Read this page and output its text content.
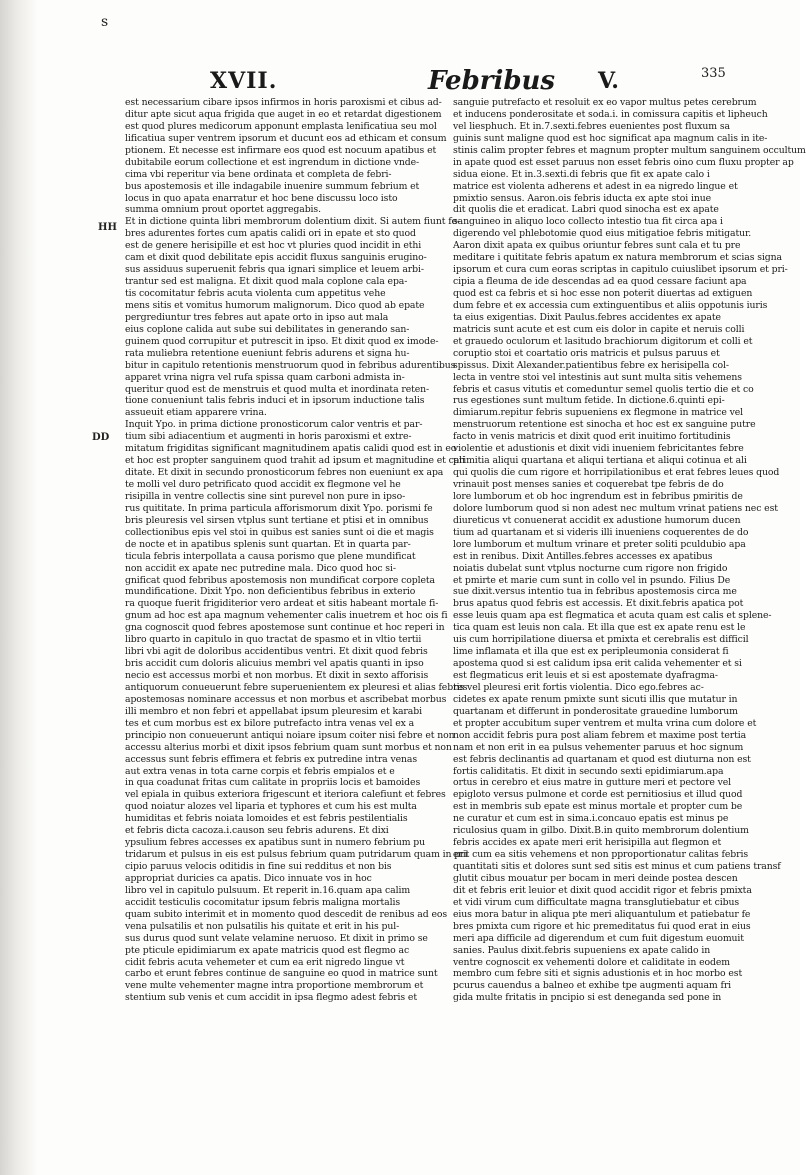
s
XVII.	Febribus V.	335
HH
DD
est necessarium cibare ipsos infirmos in horis paroxismi et cibus ad-
ditur apte sicut aqua frigida que auget in eo et retardat digestionem
est quod plures medicorum apponunt emplasta lenificatiua seu mol
lificatiua super ventrem ipsorum et ducunt eos ad ethicam et consum
ptionem. Et necesse est infirmare eos quod est nocuum apatibus et
dubitabile eorum collectione et est ingrendum in dictione vnde-
cima vbi reperitur via bene ordinata et completa de febri-
bus apostemosis et ille indagabile inuenire summum febrium et
locus in quo apata enarratur et hoc bene discussu loco isto
summa omnium prout oportet aggregabis.
Et in dictione quinta libri membrorum dolentium dixit. Si autem fiunt fe-
bres adurentes fortes cum apatis calidi ori in epate et sto quod
est de genere herisipille et est hoc vt pluries quod incidit in ethi
cam et dixit quod debilitate epis accidit fluxus sanguinis erugino-
sus assiduus superuenit febris qua ignari simplice et leuem arbi-
trantur sed est maligna. Et dixit quod mala coplone cala epa-
tis cocomitatur febris acuta violenta cum appetitus vehe
mens sitis et vomitus humorum malignorum. Dico quod ab epate
pergrediuntur tres febres aut apate orto in ipso aut mala
eius coplone calida aut sube sui debilitates in generando san-
guinem quod corrupitur et putrescit in ipso. Et dixit quod ex imode-
rata muliebra retentione eueniunt febris adurens et signa hu-
bitur in capitulo retentionis menstruorum quod in febribus adurentibus
apparet vrina nigra vel rufa spissa quam carboni admista in-
queritur quod est de menstruis et quod multa et inordinata reten-
tione conueniunt talis febris induci et in ipsorum inductione talis
assueuit etiam apparere vrina.
Inquit Ypo. in prima dictione pronosticorum calor ventris et par-
tium sibi adiacentium et augmenti in horis paroxismi et extre-
mitatum frigiditas significant magnitudinem apatis calidi quod est in eo
et hoc est propter sanguinem quod trahit ad ipsum et magnitudine et cali
ditate. Et dixit in secundo pronosticorum febres non eueniunt ex apa
te molli vel duro petrificato quod accidit ex flegmone vel he
risipilla in ventre collectis sine sint purevel non pure in ipso-
rus quititate. In prima particula afforismorum dixit Ypo. porismi fe
bris pleuresis vel sirsen vtplus sunt tertiane et ptisi et in omnibus
collectionibus epis vel stoi in quibus est sanies sunt oi die et magis
de nocte et in apatibus splenis sunt quartan. Et in quarta par-
ticula febris interpollata a causa porismo que plene mundificat
non accidit ex apate nec putredine mala. Dico quod hoc si-
gnificat quod febribus apostemosis non mundificat corpore copleta
mundificatione. Dixit Ypo. non deficientibus febribus in exterio
ra quoque fuerit frigiditerior vero ardeat et sitis habeant mortale fi-
gnum ad hoc est apa magnum vehementer calis inuetrem et hoc ois fi
gna cognoscit quod febres apostemose sunt continue et hoc reperi in
libro quarto in capitulo in quo tractat de spasmo et in vltio tertii
libri vbi agit de doloribus accidentibus ventri. Et dixit quod febris
bris accidit cum doloris alicuius membri vel apatis quanti in ipso
necio est accessus morbi et non morbus. Et dixit in sexto afforisis
antiquorum conueuerunt febre superuenientem ex pleuresi et alias febres
apostemosas nominare accessus et non morbus et ascribebat morbus
illi membro et non febri et appellabat ipsum pleuresim et karabi
tes et cum morbus est ex bilore putrefacto intra venas vel ex a
principio non conueuerunt antiqui noiare ipsum coiter nisi febre et non
accessu alterius morbi et dixit ipsos febrium quam sunt morbus et non
accessus sunt febris effimera et febris ex putredine intra venas
aut extra venas in tota carne corpis et febris empialos et e
in qua coadunat fritas cum calitate in propriis locis et bamoides
vel epiala in quibus exteriora frigescunt et iteriora calefiunt et febres
quod noiatur alozes vel liparia et typhores et cum his est multa
humiditas et febris noiata lomoides et est febris pestilentialis
et febris dicta cacoza.i.causon seu febris adurens. Et dixi
ypsulium febres accesses ex apatibus sunt in numero febrium pu
tridarum et pulsus in eis est pulsus febrium quam putridarum quam in pri
cipio paruus velocis oditidis in fine sui redditus et non bis
appropriat duricies ca apatis. Dico innuate vos in hoc
libro vel in capitulo pulsuum. Et reperit in.16.quam apa calim
accidit testiculis cocomitatur ipsum febris maligna mortalis
quam subito interimit et in momento quod descedit de renibus ad eos
vena pulsatilis et non pulsatilis his quitate et erit in his pul-
sus durus quod sunt velate velamine neruoso. Et dixit in primo se
pte pticule epidimiarum ex apate matricis quod est flegmo ac
cidit febris acuta vehemeter et cum ea erit nigredo lingue vt
carbo et erunt febres continue de sanguine eo quod in matrice sunt
vene multe vehementer magne intra proportione membrorum et
stentium sub venis et cum accidit in ipsa flegmo adest febris et
sanguie putrefacto et resoluit ex eo vapor multus petes cerebrum
et inducens ponderositate et soda.i. in comissura capitis et lipheuch
vel liesphuch. Et in.7.sexti.febres euenientes post fluxum sa
guinis sunt maligne quod est hoc significat apa magnum calis in ite-
stinis calim propter febres et magnum propter multum sanguinem occultum
in apate quod est esset paruus non esset febris oino cum fluxu propter ap
sidua eione. Et in.3.sexti.di febris que fit ex apate calo i
matrice est violenta adherens et adest in ea nigredo lingue et
pmixtio sensus. Aaron.ois febris iducta ex apte stoi inue
dit quolis die et eradicat. Labri quod sinocha est ex apate
sanguineo in aliquo loco collecto intestio tua fit circa apa i
digerendo vel phlebotomie quod eius mitigatioe febris mitigatur.
Aaron dixit apata ex quibus oriuntur febres sunt cala et tu pre
meditare i quititate febris apatum ex natura membrorum et scias signa
ipsorum et cura cum eoras scriptas in capitulo cuiuslibet ipsorum et pri-
cipia a fleuma de ide descendas ad ea quod cessare faciunt apa
quod est ca febris et si hoc esse non poterit diuertas ad extiguen
dum febre et ex accessia cum extinguentibus et aliis oppotunis iuris
ta eius exigentias. Dixit Paulus.febres accidentes ex apate
matricis sunt acute et est cum eis dolor in capite et neruis colli
et grauedo oculorum et lasitudo brachiorum digitorum et colli et
coruptio stoi et coartatio oris matricis et pulsus paruus et
spissus. Dixit Alexander.patientibus febre ex herisipella col-
lecta in ventre stoi vel intestinis aut sunt multa sitis vehemens
febris et casus vitutis et comeduntur semel quolis tertio die et co
rus egestiones sunt multum fetide. In dictione.6.quinti epi-
dimiarum.repitur febris supueniens ex flegmone in matrice vel
menstruorum retentione est sinocha et hoc est ex sanguine putre
facto in venis matricis et dixit quod erit inuitimo fortitudinis
violentie et adustionis et dixit vidi inueniem febricitantes febre
primitia aliqui quartana et aliqui tertiana et aliqui cotinua et ali
qui quolis die cum rigore et horripilationibus et erat febres leues quod
vrinauit post menses sanies et coquerebat tpe febris de do
lore lumborum et ob hoc ingrendum est in febribus pmiritis de
dolore lumborum quod si non adest nec multum vrinat patiens nec est
diureticus vt conuenerat accidit ex adustione humorum ducen
tium ad quartanam et si videris illi inueniens coquerentes de do
lore lumborum et multum vrinare et preter soliti pculdubio apa
est in renibus. Dixit Antilles.febres accesses ex apatibus
noiatis dubelat sunt vtplus nocturne cum rigore non frigido
et pmirte et marie cum sunt in collo vel in psundo. Filius De
sue dixit.versus intentio tua in febribus apostemosis circa me
brus apatus quod febris est accessis. Et dixit.febris apatica pot
esse leuis quam apa est flegmatica et acuta quam est calis et splene-
tica quam est leuis non cala. Et illa que est ex apate renu est le
uis cum horripilatione diuersa et pmixta et cerebralis est difficil
lime inflamata et illa que est ex peripleumonia considerat fi
apostema quod si est calidum ipsa erit calida vehementer et si
est flegmaticus erit leuis et si est apostemate dyafragma-
tis vel pleuresi erit fortis violentia. Dico ego.febres ac-
cidetes ex apate renum pmixte sunt sicuti illis que mutatur in
quartanam et differunt in ponderositate grauedine lumborum
et propter accubitum super ventrem et multa vrina cum dolore et
non accidit febris pura post aliam febrem et maxime post tertia
nam et non erit in ea pulsus vehementer paruus et hoc signum
est febris declinantis ad quartanam et quod est diuturna non est
fortis caliditatis. Et dixit in secundo sexti epidimiarum.apa
ortus in cerebro et eius matre in gutture meri et pectore vel
epigloto versus pulmone et corde est pernitiosius et illud quod
est in membris sub epate est minus mortale et propter cum be
ne curatur et cum est in sima.i.concauo epatis est minus pe
riculosius quam in gilbo. Dixit.B.in quito membrorum dolentium
febris accides ex apate meri erit herisipilla aut flegmon et
erit cum ea sitis vehemens et non pproportionatur calitas febris
quantitati sitis et dolores sunt sed sitis est minus et cum patiens transf
glutit cibus mouatur per bocam in meri deinde postea descen
dit et febris erit leuior et dixit quod accidit rigor et febris pmixta
et vidi virum cum difficultate magna transglutiebatur et cibus
eius mora batur in aliqua pte meri aliquantulum et patiebatur fe
bres pmixta cum rigore et hic premeditatus fui quod erat in eius
meri apa difficile ad digerendum et cum fuit digestum euomuit
sanies. Paulus dixit.febris supueniens ex apate calido in
ventre cognoscit ex vehementi dolore et caliditate in eodem
membro cum febre siti et signis adustionis et in hoc morbo est
pcurus cauendus a balneo et exhibe tpe augmenti aquam fri
gida multe fritatis in pncipio si est deneganda sed pone in
